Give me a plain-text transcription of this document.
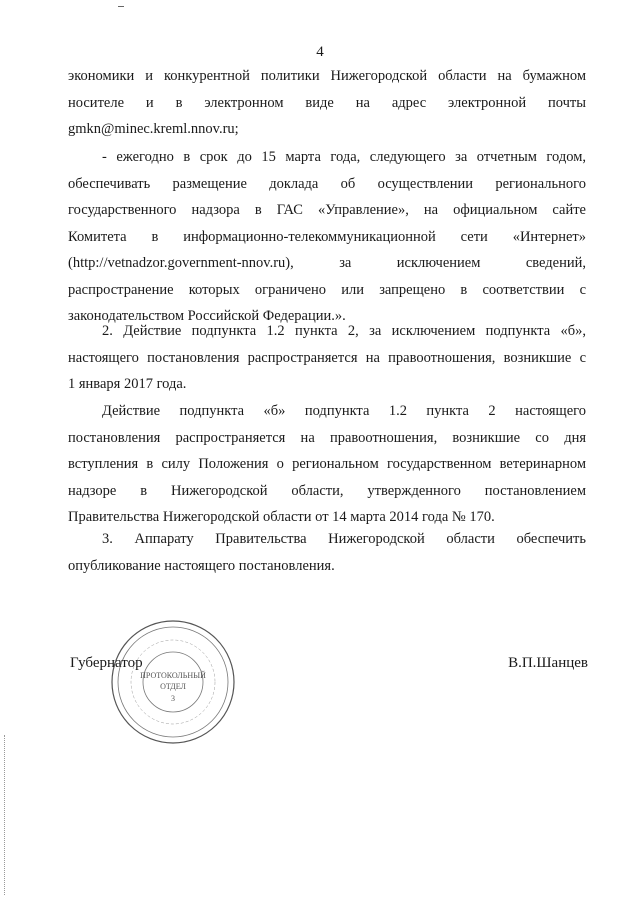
4
экономики и конкурентной политики Нижегородской области на бумажном
носителе и в электронном виде на адрес электронной почты
gmkn@minec.kreml.nnov.ru;
- ежегодно в срок до 15 марта года, следующего за отчетным годом,
обеспечивать размещение доклада об осуществлении регионального
государственного надзора в ГАС «Управление», на официальном сайте
Комитета в информационно-телекоммуникационной сети «Интернет»
(http://vetnadzor.government-nnov.ru), за исключением сведений,
распространение которых ограничено или запрещено в соответствии с
законодательством Российской Федерации.».
2. Действие подпункта 1.2 пункта 2, за исключением подпункта «б»,
настоящего постановления распространяется на правоотношения, возникшие с
1 января 2017 года.
Действие подпункта «б» подпункта 1.2 пункта 2 настоящего
постановления распространяется на правоотношения, возникшие со дня
вступления в силу Положения о региональном государственном ветеринарном
надзоре в Нижегородской области, утвержденного постановлением
Правительства Нижегородской области от 14 марта 2014 года № 170.
3. Аппарату Правительства Нижегородской области обеспечить
опубликование настоящего постановления.
ПРОТОКОЛЬНЫЙ
ОТДЕЛ
3
Губернатор	В.П.Шанцев
